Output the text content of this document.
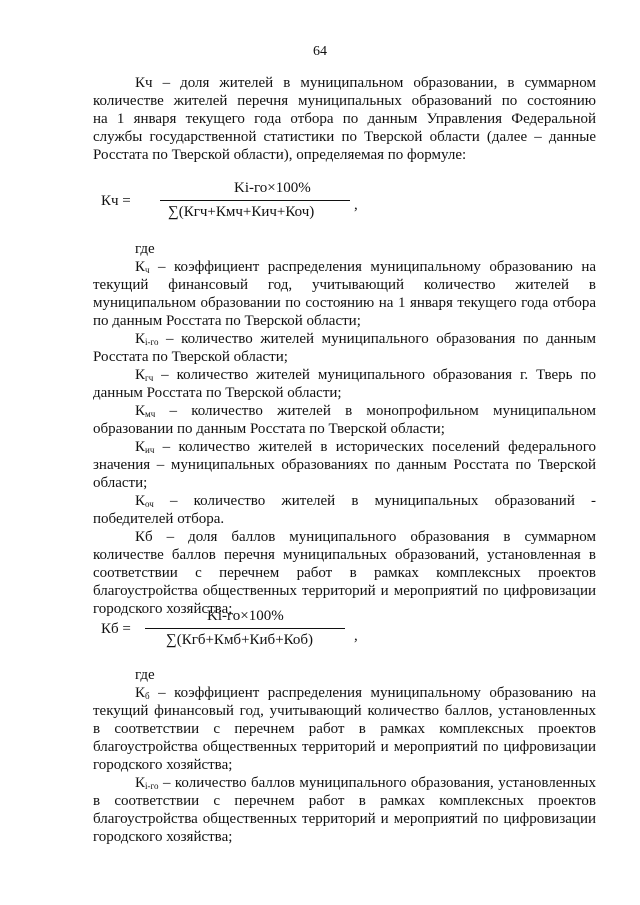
64
Кч – доля жителей в муниципальном образовании, в суммарном
количестве жителей перечня муниципальных образований по состоянию
на 1 января текущего года отбора по данным Управления Федеральной
службы государственной статистики по Тверской области (далее – данные
Росстата по Тверской области), определяемая по формуле:
Кч =
Ki-го×100%
∑(Кгч+Кмч+Кич+Коч)	,
где
$К_ч$ – коэффициент распределения муниципальному образованию на
текущий финансовый год, учитывающий количество жителей в
муниципальном образовании по состоянию на 1 января текущего года отбора
по данным Росстата по Тверской области;
$К_{i-го}$ – количество жителей муниципального образования по данным
Росстата по Тверской области;
$К_{гч}$ – количество жителей муниципального образования г. Тверь по
данным Росстата по Тверской области;
$К_{мч}$ – количество жителей в монопрофильном муниципальном
образовании по данным Росстата по Тверской области;
$К_{ич}$ – количество жителей в исторических поселений федерального
значения – муниципальных образованиях по данным Росстата по Тверской
области;
$К_{оч}$ – количество жителей в муниципальных образований -
победителей отбора.
Кб – доля баллов муниципального образования в суммарном
количестве баллов перечня муниципальных образований, установленная в
соответствии с перечнем работ в рамках комплексных проектов
благоустройства общественных территорий и мероприятий по цифровизации
городского хозяйства;
Кб =
Ki-го×100%
∑(Кгб+Кмб+Киб+Коб)	,
где
$К_б$ – коэффициент распределения муниципальному образованию на
текущий финансовый год, учитывающий количество баллов, установленных
в соответствии с перечнем работ в рамках комплексных проектов
благоустройства общественных территорий и мероприятий по цифровизации
городского хозяйства;
$К_{i-го}$ – количество баллов муниципального образования, установленных
в соответствии с перечнем работ в рамках комплексных проектов
благоустройства общественных территорий и мероприятий по цифровизации
городского хозяйства;
